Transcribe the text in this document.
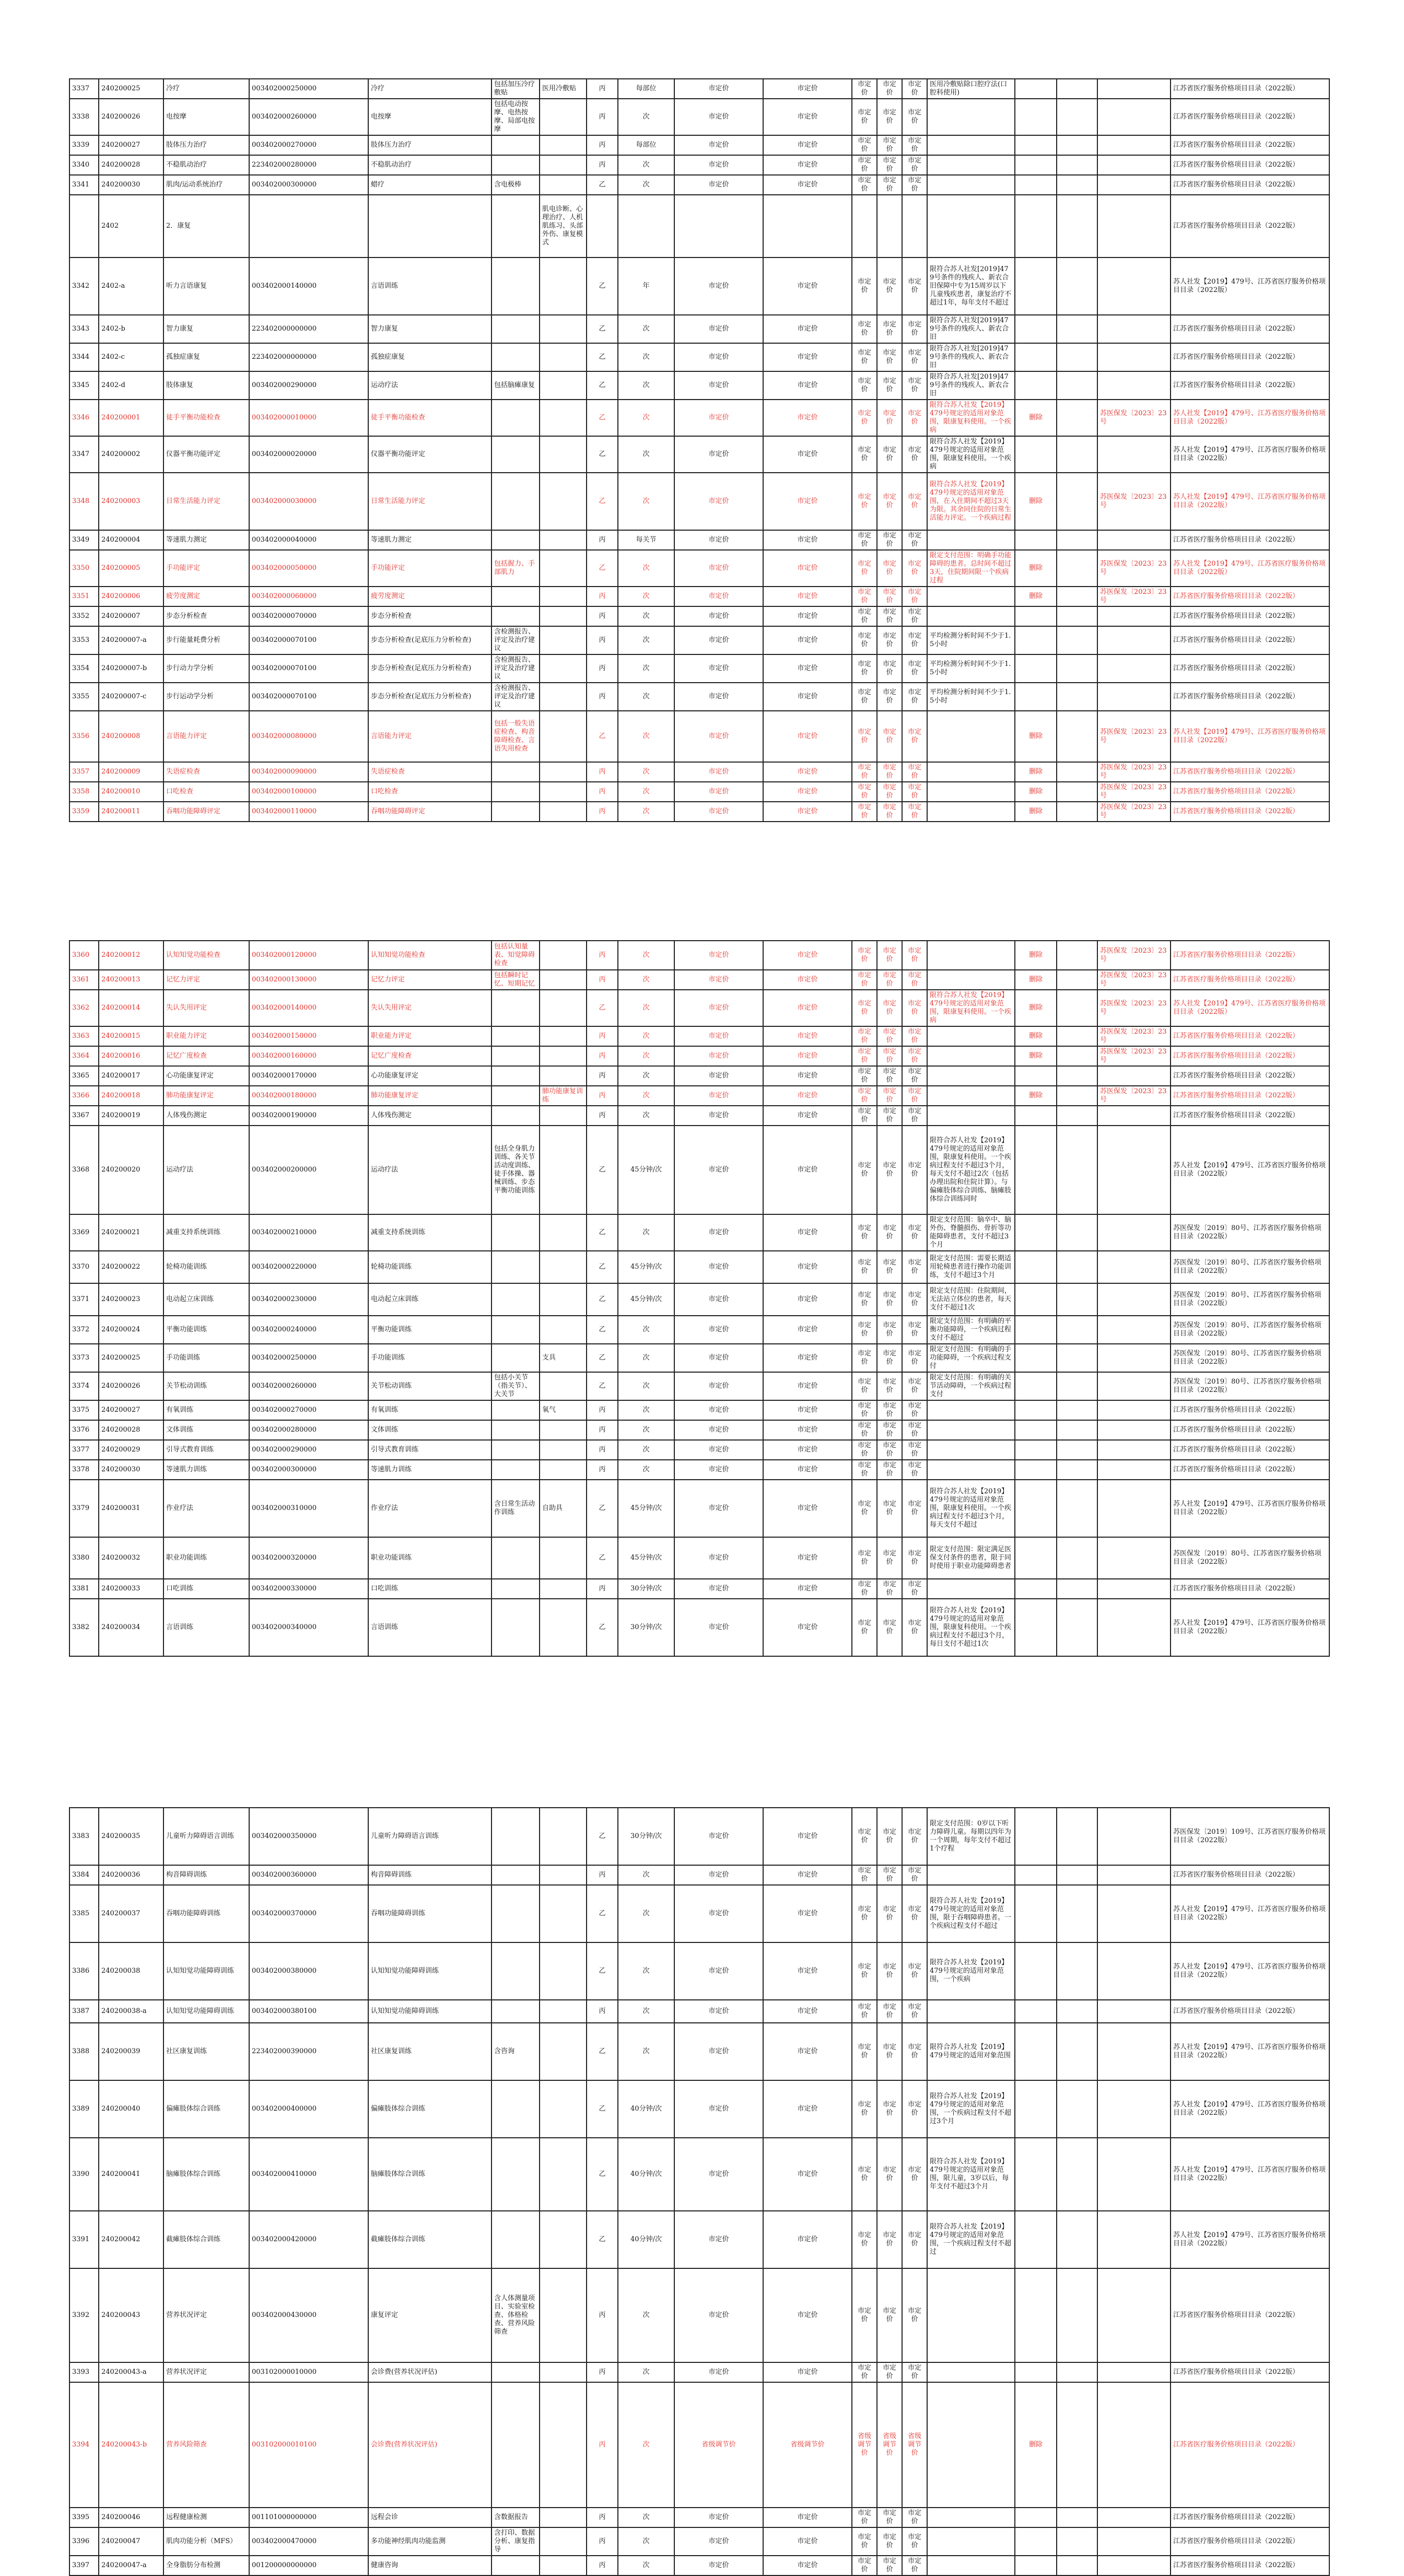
3337	240200025	冷疗	003402000250000	冷疗	包括加压冷疗敷贴	医用冷敷贴	丙	每部位	市定价	市定价	市定价	市定价	市定价	医用冷敷贴除口腔疗法(口腔科使用)				江苏省医疗服务价格项目目录（2022版）
3338	240200026	电按摩	003402000260000	电按摩	包括电动按摩、电热按摩、局部电按摩		丙	次	市定价	市定价	市定价	市定价	市定价					江苏省医疗服务价格项目目录（2022版）
3339	240200027	肢体压力治疗	003402000270000	肢体压力治疗			丙	每部位	市定价	市定价	市定价	市定价	市定价					江苏省医疗服务价格项目目录（2022版）
3340	240200028	不稳肌动治疗	223402000280000	不稳肌动治疗			丙	次	市定价	市定价	市定价	市定价	市定价					江苏省医疗服务价格项目目录（2022版）
3341	240200030	肌肉/运动系统治疗	003402000300000	蜡疗	含电极棒		乙	次	市定价	市定价	市定价	市定价	市定价					江苏省医疗服务价格项目目录（2022版）
	2402	2．康复				肌电诊断、心理治疗、人机肌练习、头部外伤、康复模式												江苏省医疗服务价格项目目录（2022版）
3342	2402-a	听力言语康复	003402000140000	言语训练			乙	年	市定价	市定价	市定价	市定价	市定价	限符合苏人社发[2019]479号条件的残疾人、新农合旧保障中专为15周岁以下儿童残疾患者，康复治疗不超过1年，每年支付不超过				苏人社发【2019】479号、江苏省医疗服务价格项目目录（2022版）
3343	2402-b	智力康复	223402000000000	智力康复			乙	次	市定价	市定价	市定价	市定价	市定价	限符合苏人社发[2019]479号条件的残疾人、新农合旧				江苏省医疗服务价格项目目录（2022版）
3344	2402-c	孤独症康复	223402000000000	孤独症康复			乙	次	市定价	市定价	市定价	市定价	市定价	限符合苏人社发[2019]479号条件的残疾人、新农合旧				江苏省医疗服务价格项目目录（2022版）
3345	2402-d	肢体康复	003402000290000	运动疗法	包括脑瘫康复		乙	次	市定价	市定价	市定价	市定价	市定价	限符合苏人社发[2019]479号条件的残疾人、新农合旧				江苏省医疗服务价格项目目录（2022版）
3346	240200001	徒手平衡功能检查	003402000010000	徒手平衡功能检查			乙	次	市定价	市定价	市定价	市定价	市定价	限符合苏人社发【2019】479号规定的适用对象范围，限康复科使用。一个疾病	删除		苏医保发〔2023〕23号	苏人社发【2019】479号、江苏省医疗服务价格项目目录（2022版）
3347	240200002	仪器平衡功能评定	003402000020000	仪器平衡功能评定			乙	次	市定价	市定价	市定价	市定价	市定价	限符合苏人社发【2019】479号规定的适用对象范围，限康复科使用。一个疾病				苏人社发【2019】479号、江苏省医疗服务价格项目目录（2022版）
3348	240200003	日常生活能力评定	003402000030000	日常生活能力评定			乙	次	市定价	市定价	市定价	市定价	市定价	限符合苏人社发【2019】479号规定的适用对象范围，在入住期间不超过3天为限。其余同住院的日常生活能力评定。一个疾病过程	删除		苏医保发〔2023〕23号	苏人社发【2019】479号、江苏省医疗服务价格项目目录（2022版）
3349	240200004	等速肌力测定	003402000040000	等速肌力测定			丙	每关节	市定价	市定价	市定价	市定价	市定价					江苏省医疗服务价格项目目录（2022版）
3350	240200005	手功能评定	003402000050000	手功能评定	包括握力、手部肌力		乙	次	市定价	市定价	市定价	市定价	市定价	限定支付范围：明确手功能障碍的患者。总时间不超过3天，住院期间限一个疾病过程	删除		苏医保发〔2023〕23号	苏人社发【2019】479号、江苏省医疗服务价格项目目录（2022版）
3351	240200006	疲劳度测定	003402000060000	疲劳度测定			丙	次	市定价	市定价	市定价	市定价	市定价		删除		苏医保发〔2023〕23号	江苏省医疗服务价格项目目录（2022版）
3352	240200007	步态分析检查	003402000070000	步态分析检查			丙	次	市定价	市定价	市定价	市定价	市定价					江苏省医疗服务价格项目目录（2022版）
3353	240200007-a	步行能量耗费分析	003402000070100	步态分析检查(足底压力分析检查)	含检测报告、评定及治疗建议		丙	次	市定价	市定价	市定价	市定价	市定价	平均检测分析时间不少于1.5小时				江苏省医疗服务价格项目目录（2022版）
3354	240200007-b	步行动力学分析	003402000070100	步态分析检查(足底压力分析检查)	含检测报告、评定及治疗建议		丙	次	市定价	市定价	市定价	市定价	市定价	平均检测分析时间不少于1.5小时				江苏省医疗服务价格项目目录（2022版）
3355	240200007-c	步行运动学分析	003402000070100	步态分析检查(足底压力分析检查)	含检测报告、评定及治疗建议		丙	次	市定价	市定价	市定价	市定价	市定价	平均检测分析时间不少于1.5小时				江苏省医疗服务价格项目目录（2022版）
3356	240200008	言语能力评定	003402000080000	言语能力评定	包括一般失语症检查、构音障碍检查、言语失用检查		乙	次	市定价	市定价	市定价	市定价	市定价		删除		苏医保发〔2023〕23号	苏人社发【2019】479号、江苏省医疗服务价格项目目录（2022版）
3357	240200009	失语症检查	003402000090000	失语症检查			丙	次	市定价	市定价	市定价	市定价	市定价		删除		苏医保发〔2023〕23号	江苏省医疗服务价格项目目录（2022版）
3358	240200010	口吃检查	003402000100000	口吃检查			丙	次	市定价	市定价	市定价	市定价	市定价		删除		苏医保发〔2023〕23号	江苏省医疗服务价格项目目录（2022版）
3359	240200011	吞咽功能障碍评定	003402000110000	吞咽功能障碍评定			丙	次	市定价	市定价	市定价	市定价	市定价		删除		苏医保发〔2023〕23号	江苏省医疗服务价格项目目录（2022版）
3360	240200012	认知知觉功能检查	003402000120000	认知知觉功能检查	包括认知量表、知觉障碍检查		丙	次	市定价	市定价	市定价	市定价	市定价		删除		苏医保发〔2023〕23号	江苏省医疗服务价格项目目录（2022版）
3361	240200013	记忆力评定	003402000130000	记忆力评定	包括瞬时记忆、短期记忆		丙	次	市定价	市定价	市定价	市定价	市定价		删除		苏医保发〔2023〕23号	江苏省医疗服务价格项目目录（2022版）
3362	240200014	失认失用评定	003402000140000	失认失用评定			乙	次	市定价	市定价	市定价	市定价	市定价	限符合苏人社发【2019】479号规定的适用对象范围，限康复科使用。一个疾病	删除		苏医保发〔2023〕23号	苏人社发【2019】479号、江苏省医疗服务价格项目目录（2022版）
3363	240200015	职业能力评定	003402000150000	职业能力评定			丙	次	市定价	市定价	市定价	市定价	市定价		删除		苏医保发〔2023〕23号	江苏省医疗服务价格项目目录（2022版）
3364	240200016	记忆广度检查	003402000160000	记忆广度检查			丙	次	市定价	市定价	市定价	市定价	市定价		删除		苏医保发〔2023〕23号	江苏省医疗服务价格项目目录（2022版）
3365	240200017	心功能康复评定	003402000170000	心功能康复评定			丙	次	市定价	市定价	市定价	市定价	市定价					江苏省医疗服务价格项目目录（2022版）
3366	240200018	肺功能康复评定	003402000180000	肺功能康复评定		肺功能康复训练	丙	次	市定价	市定价	市定价	市定价	市定价		删除		苏医保发〔2023〕23号	江苏省医疗服务价格项目目录（2022版）
3367	240200019	人体残伤测定	003402000190000	人体残伤测定			丙	次	市定价	市定价	市定价	市定价	市定价					江苏省医疗服务价格项目目录（2022版）
3368	240200020	运动疗法	003402000200000	运动疗法	包括全身肌力训练、各关节活动度训练、徒手体操、器械训练、步态平衡功能训练		乙	45分钟/次	市定价	市定价	市定价	市定价	市定价	限符合苏人社发【2019】479号规定的适用对象范围，限康复科使用。一个疾病过程支付不超过3个月，每天支付不超过2次（包括办理出院和住院计算）。与偏瘫肢体综合训练、脑瘫肢体综合训练同时				苏人社发【2019】479号、江苏省医疗服务价格项目目录（2022版）
3369	240200021	减重支持系统训练	003402000210000	减重支持系统训练			乙	次	市定价	市定价	市定价	市定价	市定价	限定支付范围：脑卒中、脑外伤、脊髓损伤、骨折等功能障碍患者，支付不超过3个月				苏医保发〔2019〕80号、江苏省医疗服务价格项目目录（2022版）
3370	240200022	轮椅功能训练	003402000220000	轮椅功能训练			乙	45分钟/次	市定价	市定价	市定价	市定价	市定价	限定支付范围：需要长期适用轮椅患者进行操作功能训练，支付不超过3个月				苏医保发〔2019〕80号、江苏省医疗服务价格项目目录（2022版）
3371	240200023	电动起立床训练	003402000230000	电动起立床训练			乙	45分钟/次	市定价	市定价	市定价	市定价	市定价	限定支付范围：住院期间，无法站立体位的患者，每天支付不超过1次				苏医保发〔2019〕80号、江苏省医疗服务价格项目目录（2022版）
3372	240200024	平衡功能训练	003402000240000	平衡功能训练			乙	次	市定价	市定价	市定价	市定价	市定价	限定支付范围：有明确的平衡功能障碍，一个疾病过程支付不超过				苏医保发〔2019〕80号、江苏省医疗服务价格项目目录（2022版）
3373	240200025	手功能训练	003402000250000	手功能训练		支具	乙	次	市定价	市定价	市定价	市定价	市定价	限定支付范围：有明确的手功能障碍，一个疾病过程支付				苏医保发〔2019〕80号、江苏省医疗服务价格项目目录（2022版）
3374	240200026	关节松动训练	003402000260000	关节松动训练	包括小关节（指关节）、大关节		乙	次	市定价	市定价	市定价	市定价	市定价	限定支付范围：有明确的关节活动障碍，一个疾病过程支付				苏医保发〔2019〕80号、江苏省医疗服务价格项目目录（2022版）
3375	240200027	有氧训练	003402000270000	有氧训练		氧气	丙	次	市定价	市定价	市定价	市定价	市定价					江苏省医疗服务价格项目目录（2022版）
3376	240200028	文体训练	003402000280000	文体训练			丙	次	市定价	市定价	市定价	市定价	市定价					江苏省医疗服务价格项目目录（2022版）
3377	240200029	引导式教育训练	003402000290000	引导式教育训练			丙	次	市定价	市定价	市定价	市定价	市定价					江苏省医疗服务价格项目目录（2022版）
3378	240200030	等速肌力训练	003402000300000	等速肌力训练			丙	次	市定价	市定价	市定价	市定价	市定价					江苏省医疗服务价格项目目录（2022版）
3379	240200031	作业疗法	003402000310000	作业疗法	含日常生活动作训练	自助具	乙	45分钟/次	市定价	市定价	市定价	市定价	市定价	限符合苏人社发【2019】479号规定的适用对象范围，限康复科使用。一个疾病过程支付不超过3个月，每天支付不超过				苏人社发【2019】479号、江苏省医疗服务价格项目目录（2022版）
3380	240200032	职业功能训练	003402000320000	职业功能训练			乙	45分钟/次	市定价	市定价	市定价	市定价	市定价	限定支付范围：限定满足医保支付条件的患者，限于同时使用于职业功能障碍患者				苏医保发〔2019〕80号、江苏省医疗服务价格项目目录（2022版）
3381	240200033	口吃训练	003402000330000	口吃训练			丙	30分钟/次	市定价	市定价	市定价	市定价	市定价					江苏省医疗服务价格项目目录（2022版）
3382	240200034	言语训练	003402000340000	言语训练			乙	30分钟/次	市定价	市定价	市定价	市定价	市定价	限符合苏人社发【2019】479号规定的适用对象范围，限康复科使用。一个疾病过程支付不超过3个月，每日支付不超过1次				苏人社发【2019】479号、江苏省医疗服务价格项目目录（2022版）
3383	240200035	儿童听力障碍语言训练	003402000350000	儿童听力障碍语言训练			乙	30分钟/次	市定价	市定价	市定价	市定价	市定价	限定支付范围：0岁以下听力障碍儿童。每期以四年为一个周期，每年支付不超过1个疗程				苏医保发〔2019〕109号、江苏省医疗服务价格项目目录（2022版）
3384	240200036	构音障碍训练	003402000360000	构音障碍训练			丙	次	市定价	市定价	市定价	市定价	市定价					江苏省医疗服务价格项目目录（2022版）
3385	240200037	吞咽功能障碍训练	003402000370000	吞咽功能障碍训练			乙	次	市定价	市定价	市定价	市定价	市定价	限符合苏人社发【2019】479号规定的适用对象范围，限于吞咽障碍患者。一个疾病过程支付不超过				苏人社发【2019】479号、江苏省医疗服务价格项目目录（2022版）
3386	240200038	认知知觉功能障碍训练	003402000380000	认知知觉功能障碍训练			乙	次	市定价	市定价	市定价	市定价	市定价	限符合苏人社发【2019】479号规定的适用对象范围，一个疾病				苏人社发【2019】479号、江苏省医疗服务价格项目目录（2022版）
3387	240200038-a	认知知觉功能障碍训练	003402000380100	认知知觉功能障碍训练			丙	次	市定价	市定价	市定价	市定价	市定价					江苏省医疗服务价格项目目录（2022版）
3388	240200039	社区康复训练	223402000390000	社区康复训练	含咨询		乙	次	市定价	市定价	市定价	市定价	市定价	限符合苏人社发【2019】479号规定的适用对象范围				苏人社发【2019】479号、江苏省医疗服务价格项目目录（2022版）
3389	240200040	偏瘫肢体综合训练	003402000400000	偏瘫肢体综合训练			乙	40分钟/次	市定价	市定价	市定价	市定价	市定价	限符合苏人社发【2019】479号规定的适用对象范围，一个疾病过程支付不超过3个月				苏人社发【2019】479号、江苏省医疗服务价格项目目录（2022版）
3390	240200041	脑瘫肢体综合训练	003402000410000	脑瘫肢体综合训练			乙	40分钟/次	市定价	市定价	市定价	市定价	市定价	限符合苏人社发【2019】479号规定的适用对象范围，限儿童，3岁以后，每年支付不超过3个月				苏人社发【2019】479号、江苏省医疗服务价格项目目录（2022版）
3391	240200042	截瘫肢体综合训练	003402000420000	截瘫肢体综合训练			乙	40分钟/次	市定价	市定价	市定价	市定价	市定价	限符合苏人社发【2019】479号规定的适用对象范围，一个疾病过程支付不超过				苏人社发【2019】479号、江苏省医疗服务价格项目目录（2022版）
3392	240200043	营养状况评定	003402000430000	康复评定	含人体测量项目、实验室检查、体格检查、营养风险筛查		丙	次	市定价	市定价	市定价	市定价	市定价					江苏省医疗服务价格项目目录（2022版）
3393	240200043-a	营养状况评定	003102000010000	会诊费(营养状况评估)			丙	次	市定价	市定价	市定价	市定价	市定价					江苏省医疗服务价格项目目录（2022版）
3394	240200043-b	营养风险筛查	003102000010100	会诊费(营养状况评估)			丙	次	省级调节价	省级调节价	省级调节价	省级调节价	省级调节价		删除			江苏省医疗服务价格项目目录（2022版）
3395	240200046	远程健康检测	001101000000000	远程会诊	含数据报告		丙	次	市定价	市定价	市定价	市定价	市定价					江苏省医疗服务价格项目目录（2022版）
3396	240200047	肌肉功能分析（MFS）	003402000470000	多功能神经肌肉功能监测	含打印、数据分析、康复指导		丙	次	市定价	市定价	市定价	市定价	市定价					江苏省医疗服务价格项目目录（2022版）
3397	240200047-a	全身脂肪分布检测	001200000000000	健康咨询			丙	次	市定价	市定价	市定价	市定价	市定价					江苏省医疗服务价格项目目录（2022版）
